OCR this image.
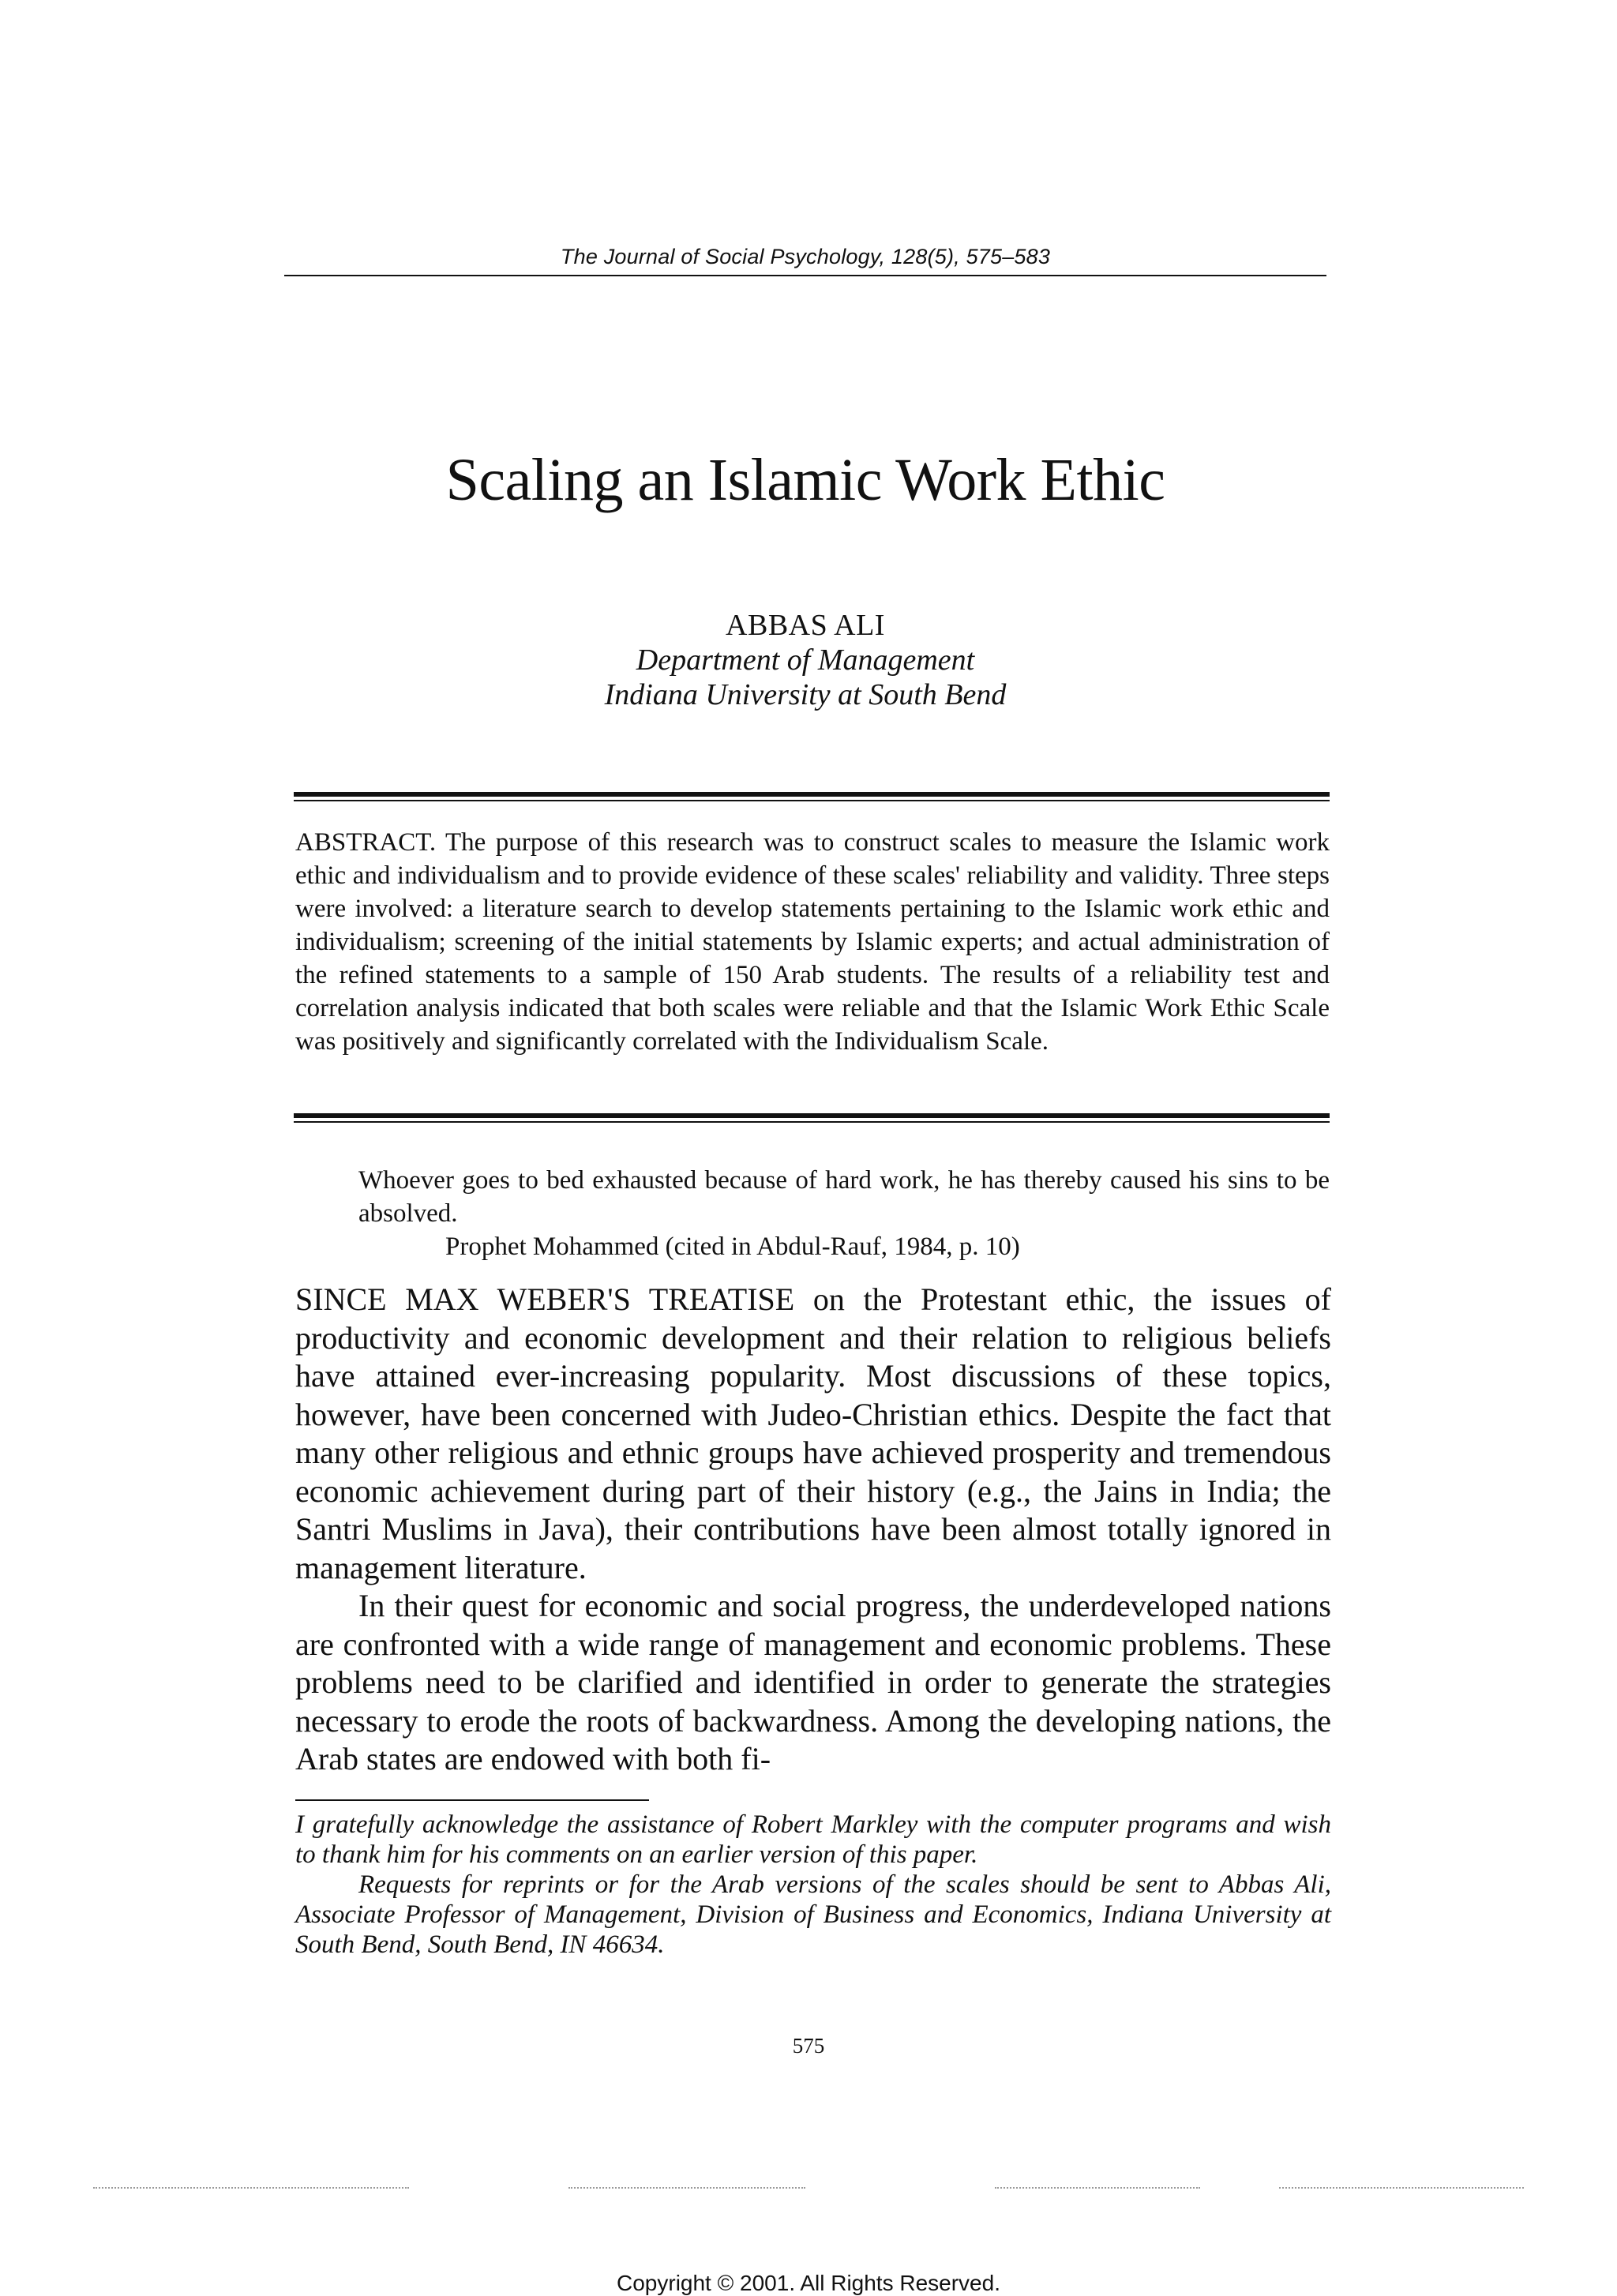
The Journal of Social Psychology, 128(5), 575–583
Scaling an Islamic Work Ethic
ABBAS ALI
Department of Management
Indiana University at South Bend
ABSTRACT. The purpose of this research was to construct scales to measure the Islamic work ethic and individualism and to provide evidence of these scales' reliability and validity. Three steps were involved: a literature search to develop statements pertaining to the Islamic work ethic and individualism; screening of the initial statements by Islamic experts; and actual administration of the refined statements to a sample of 150 Arab students. The results of a reliability test and correlation analysis indicated that both scales were reliable and that the Islamic Work Ethic Scale was positively and significantly correlated with the Individualism Scale.
Whoever goes to bed exhausted because of hard work, he has thereby caused his sins to be absolved.
Prophet Mohammed (cited in Abdul-Rauf, 1984, p. 10)

SINCE MAX WEBER'S TREATISE on the Protestant ethic, the issues of productivity and economic development and their relation to religious beliefs have attained ever-increasing popularity. Most discussions of these topics, however, have been concerned with Judeo-Christian ethics. Despite the fact that many other religious and ethnic groups have achieved prosperity and tremendous economic achievement during part of their history (e.g., the Jains in India; the Santri Muslims in Java), their contributions have been almost totally ignored in management literature.

In their quest for economic and social progress, the underdeveloped nations are confronted with a wide range of management and economic problems. These problems need to be clarified and identified in order to generate the strategies necessary to erode the roots of backwardness. Among the developing nations, the Arab states are endowed with both fi-

I gratefully acknowledge the assistance of Robert Markley with the computer programs and wish to thank him for his comments on an earlier version of this paper.

Requests for reprints or for the Arab versions of the scales should be sent to Abbas Ali, Associate Professor of Management, Division of Business and Economics, Indiana University at South Bend, South Bend, IN 46634.

575
Copyright © 2001. All Rights Reserved.
